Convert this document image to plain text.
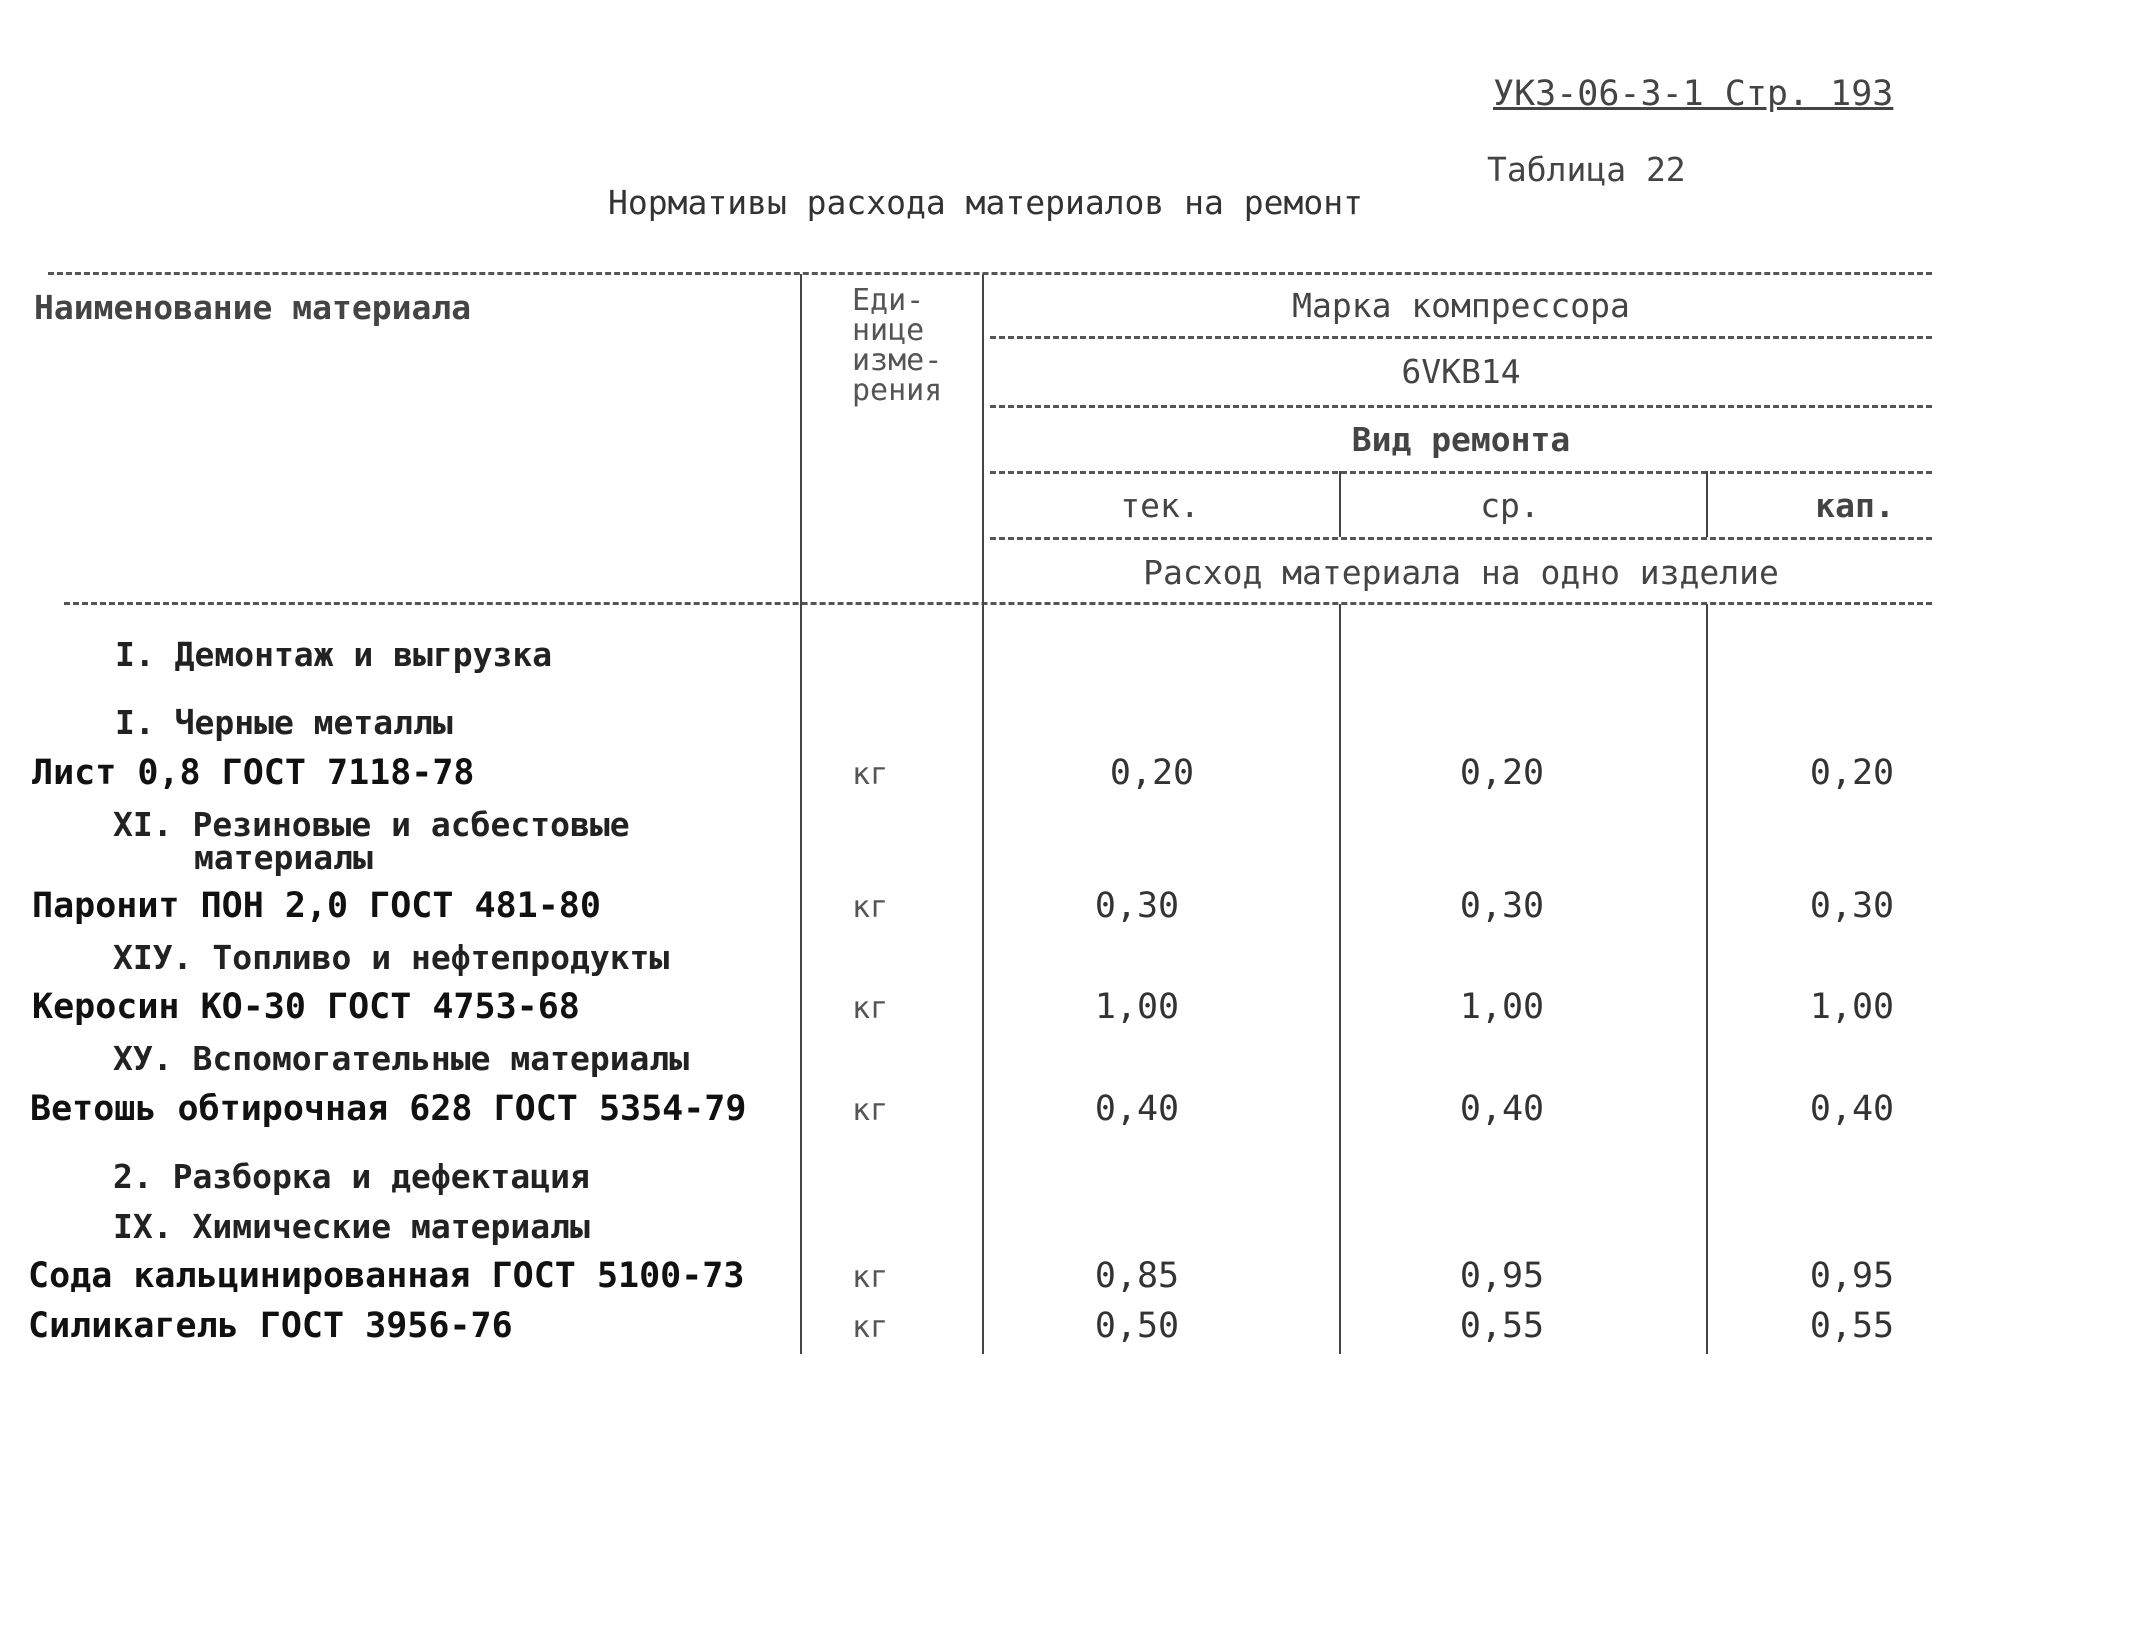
УКЗ-06-3-1 Стр. 193
Таблица 22
Нормативы расхода материалов на ремонт
Наименование материала	Еди-
нице
изме-
рения
Марка компрессора
6VKB14
Вид ремонта
тек.	ср.	кап.
Расход материала на одно изделие
I. Демонтаж и выгрузка
I. Черные металлы
Лист 0,8 ГОСТ 7118-78	кг	0,20	0,20	0,20
XI. Резиновые и асбестовые
материалы
Паронит ПОН 2,0 ГОСТ 481-80	кг	0,30	0,30	0,30
XIУ. Топливо и нефтепродукты
Керосин КО-30 ГОСТ 4753-68	кг	1,00	1,00	1,00
ХУ. Вспомогательные материалы
Ветошь обтирочная 628 ГОСТ 5354-79	кг	0,40	0,40	0,40
2. Разборка и дефектация
IX. Химические материалы
Сода кальцинированная ГОСТ 5100-73	кг	0,85	0,95	0,95
Силикагель ГОСТ 3956-76	кг	0,50	0,55	0,55
